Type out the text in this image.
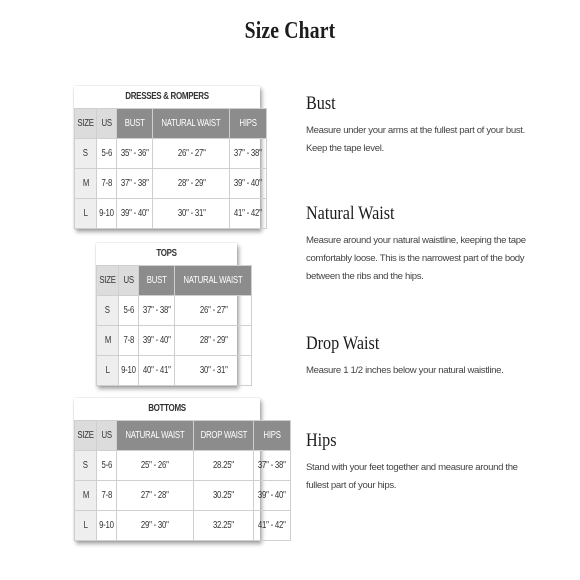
Size Chart
DRESSES & ROMPERS
SIZE	US	BUST	NATURAL WAIST	HIPS
S	5-6	35" - 36"	26" - 27"	37" - 38"
M	7-8	37" - 38"	28" - 29"	39" - 40"
L	9-10	39" - 40"	30" - 31"	41" - 42"
TOPS
SIZE	US	BUST	NATURAL WAIST
S	5-6	37" - 38"	26" - 27"
M	7-8	39" - 40"	28" - 29"
L	9-10	40" - 41"	30" - 31"
BOTTOMS
SIZE	US	NATURAL WAIST	DROP WAIST	HIPS
S	5-6	25" - 26"	28.25"	37" - 38"
M	7-8	27" - 28"	30.25"	39" - 40"
L	9-10	29" - 30"	32.25"	41" - 42"
Bust

Measure under your arms at the fullest part of your bust. Keep the tape level.

Natural Waist

Measure around your natural waistline, keeping the tape comfortably loose. This is the narrowest part of the body between the ribs and the hips.

Drop Waist

Measure 1 1/2 inches below your natural waistline.

Hips

Stand with your feet together and measure around the fullest part of your hips.
